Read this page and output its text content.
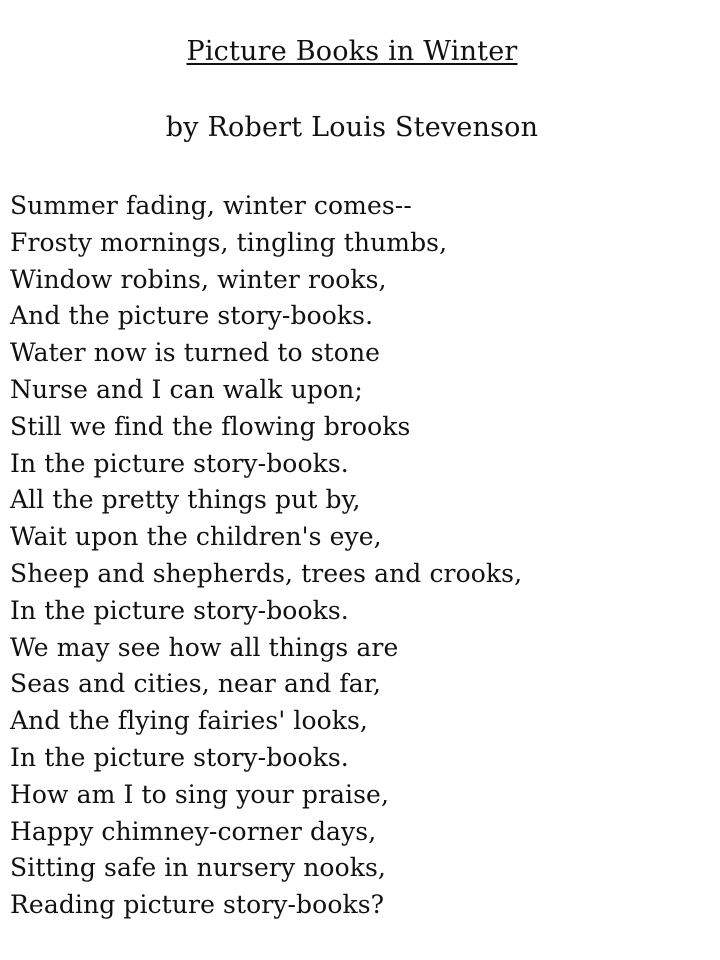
Picture Books in Winter
by Robert Louis Stevenson
Summer fading, winter comes--
Frosty mornings, tingling thumbs,
Window robins, winter rooks,
And the picture story-books.
Water now is turned to stone
Nurse and I can walk upon;
Still we find the flowing brooks
In the picture story-books.
All the pretty things put by,
Wait upon the children's eye,
Sheep and shepherds, trees and crooks,
In the picture story-books.
We may see how all things are
Seas and cities, near and far,
And the flying fairies' looks,
In the picture story-books.
How am I to sing your praise,
Happy chimney-corner days,
Sitting safe in nursery nooks,
Reading picture story-books?
